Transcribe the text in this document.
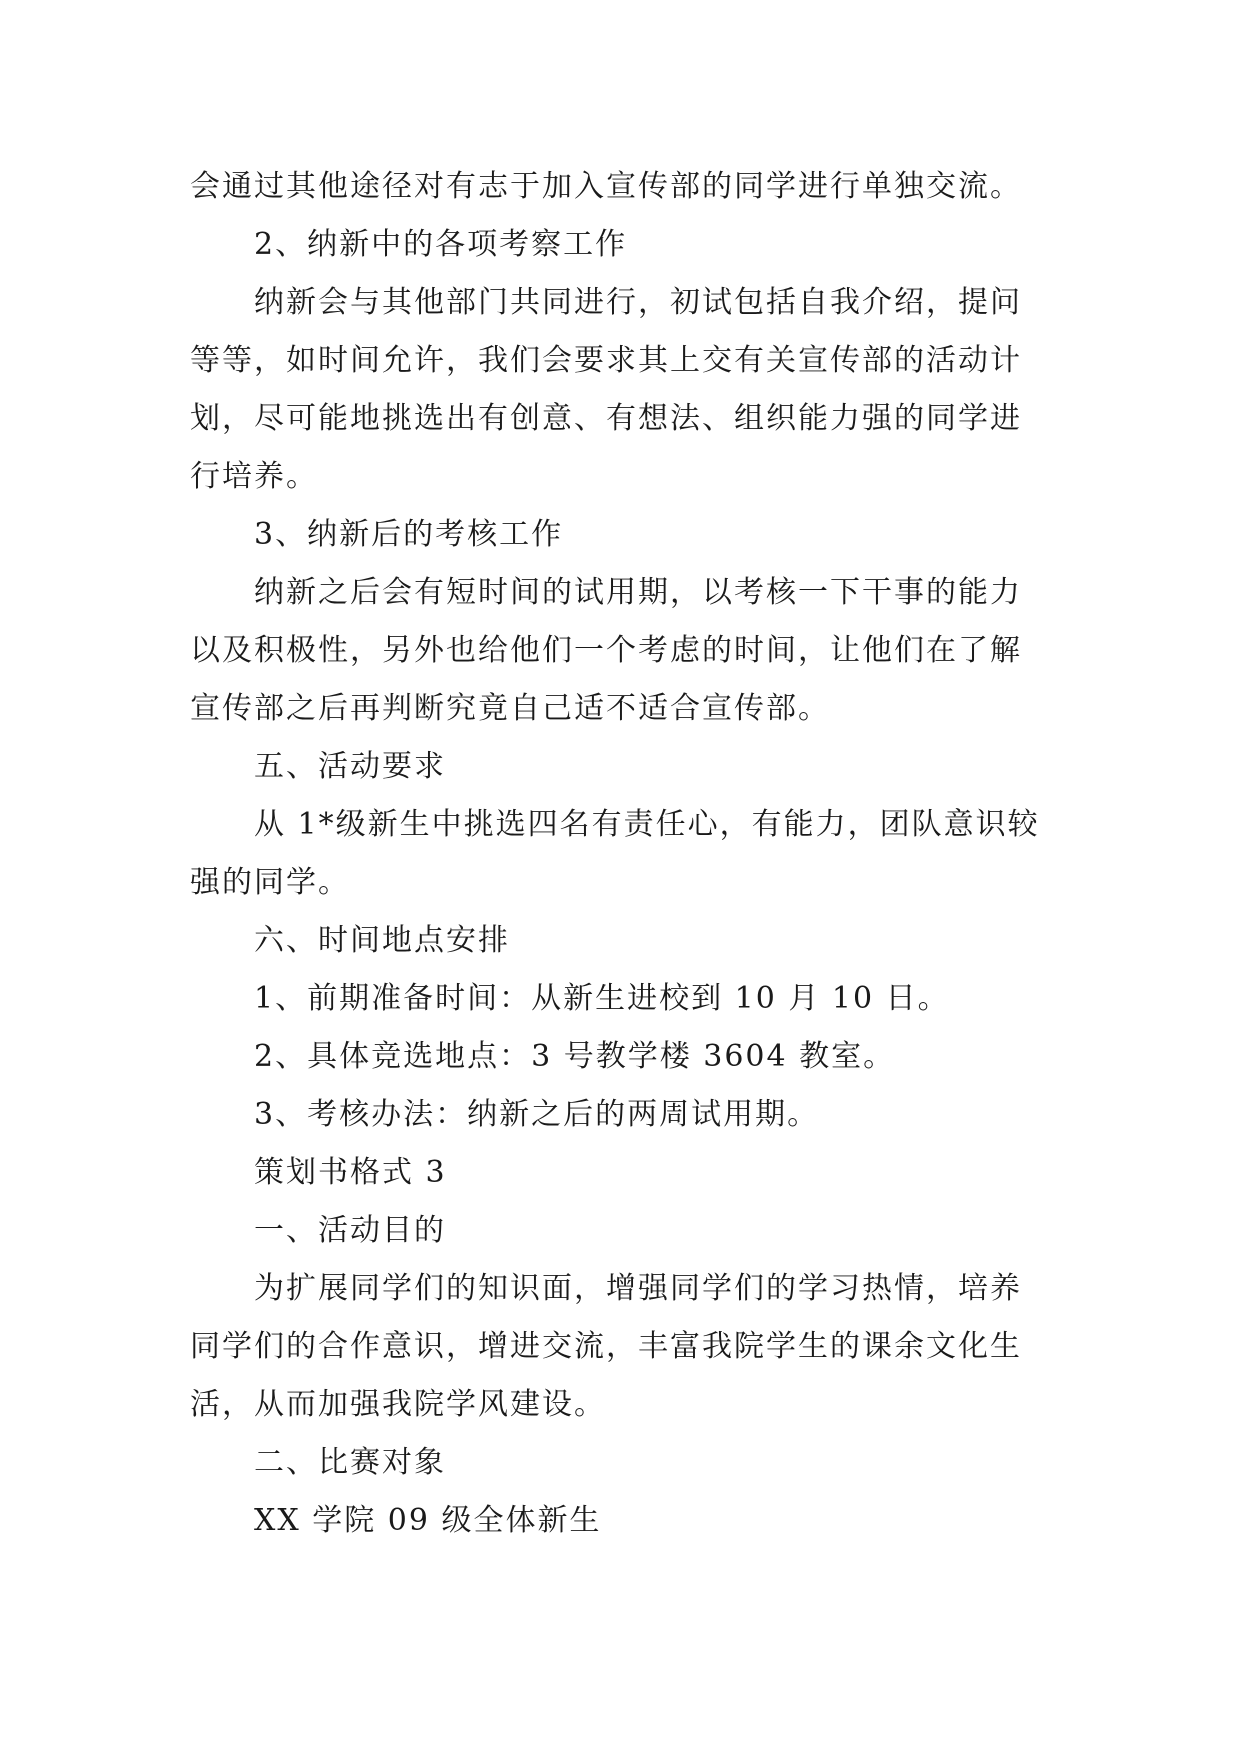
会通过其他途径对有志于加入宣传部的同学进行单独交流。
2、纳新中的各项考察工作
纳新会与其他部门共同进行，初试包括自我介绍，提问
等等，如时间允许，我们会要求其上交有关宣传部的活动计
划，尽可能地挑选出有创意、有想法、组织能力强的同学进
行培养。
3、纳新后的考核工作
纳新之后会有短时间的试用期，以考核一下干事的能力
以及积极性，另外也给他们一个考虑的时间，让他们在了解
宣传部之后再判断究竟自己适不适合宣传部。
五、活动要求
从 1*级新生中挑选四名有责任心，有能力，团队意识较
强的同学。
六、时间地点安排
1、前期准备时间：从新生进校到 10 月 10 日。
2、具体竞选地点：3 号教学楼 3604 教室。
3、考核办法：纳新之后的两周试用期。
策划书格式 3
一、活动目的
为扩展同学们的知识面，增强同学们的学习热情，培养
同学们的合作意识，增进交流，丰富我院学生的课余文化生
活，从而加强我院学风建设。
二、比赛对象
XX 学院 09 级全体新生
